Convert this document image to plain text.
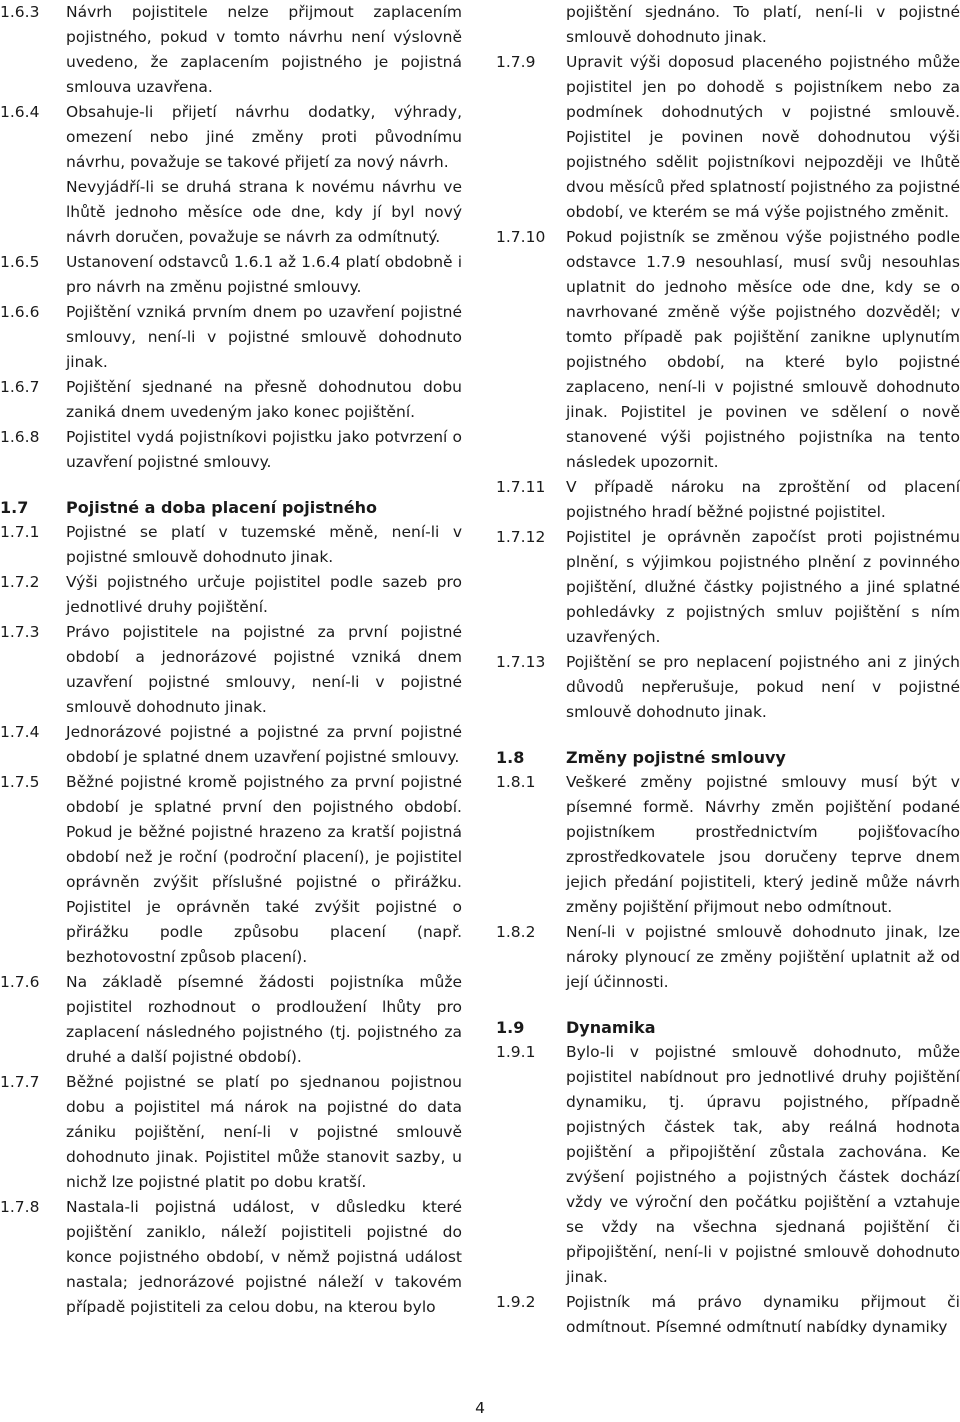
1.6.3	Návrh pojistitele nelze přijmout zaplacením pojistného, pokud v tomto návrhu není výslovně uvedeno, že zaplacením pojistného je pojistná smlouva uzavřena.
1.6.4	Obsahuje-li přijetí návrhu dodatky, výhrady, omezení nebo jiné změny proti původnímu návrhu, považuje se takové přijetí za nový návrh.
Nevyjádří-li se druhá strana k novému návrhu ve lhůtě jednoho měsíce ode dne, kdy jí byl nový návrh doručen, považuje se návrh za odmítnutý.
1.6.5	Ustanovení odstavců 1.6.1 až 1.6.4 platí obdobně i pro návrh na změnu pojistné smlouvy.
1.6.6	Pojištění vzniká prvním dnem po uzavření pojistné smlouvy, není-li v pojistné smlouvě dohodnuto jinak.
1.6.7	Pojištění sjednané na přesně dohodnutou dobu zaniká dnem uvedeným jako konec pojištění.
1.6.8	Pojistitel vydá pojistníkovi pojistku jako potvrzení o uzavření pojistné smlouvy.
1.7	Pojistné a doba placení pojistného
1.7.1	Pojistné se platí v tuzemské měně, není-li v pojistné smlouvě dohodnuto jinak.
1.7.2	Výši pojistného určuje pojistitel podle sazeb pro jednotlivé druhy pojištění.
1.7.3	Právo pojistitele na pojistné za první pojistné období a jednorázové pojistné vzniká dnem uzavření pojistné smlouvy, není-li v pojistné smlouvě dohodnuto jinak.
1.7.4	Jednorázové pojistné a pojistné za první pojistné období je splatné dnem uzavření pojistné smlouvy.
1.7.5	Běžné pojistné kromě pojistného za první pojistné období je splatné první den pojistného období. Pokud je běžné pojistné hrazeno za kratší pojistná období než je roční (področní placení), je pojistitel oprávněn zvýšit příslušné pojistné o přirážku. Pojistitel je oprávněn také zvýšit pojistné o přirážku podle způsobu placení (např. bezhotovostní způsob placení).
1.7.6	Na základě písemné žádosti pojistníka může pojistitel rozhodnout o prodloužení lhůty pro zaplacení následného pojistného (tj. pojistného za druhé a další pojistné období).
1.7.7	Běžné pojistné se platí po sjednanou pojistnou dobu a pojistitel má nárok na pojistné do data zániku pojištění, není-li v pojistné smlouvě dohodnuto jinak. Pojistitel může stanovit sazby, u nichž lze pojistné platit po dobu kratší.
1.7.8	Nastala-li pojistná událost, v důsledku které pojištění zaniklo, náleží pojistiteli pojistné do konce pojistného období, v němž pojistná událost nastala; jednorázové pojistné náleží v takovém případě pojistiteli za celou dobu, na kterou bylo
pojištění sjednáno. To platí, není-li v pojistné smlouvě dohodnuto jinak.
1.7.9	Upravit výši doposud placeného pojistného může pojistitel jen po dohodě s pojistníkem nebo za podmínek dohodnutých v pojistné smlouvě. Pojistitel je povinen nově dohodnutou výši pojistného sdělit pojistníkovi nejpozději ve lhůtě dvou měsíců před splatností pojistného za pojistné období, ve kterém se má výše pojistného změnit.
1.7.10	Pokud pojistník se změnou výše pojistného podle odstavce 1.7.9 nesouhlasí, musí svůj nesouhlas uplatnit do jednoho měsíce ode dne, kdy se o navrhované změně výše pojistného dozvěděl; v tomto případě pak pojištění zanikne uplynutím pojistného období, na které bylo pojistné zaplaceno, není-li v pojistné smlouvě dohodnuto jinak. Pojistitel je povinen ve sdělení o nově stanovené výši pojistného pojistníka na tento následek upozornit.
1.7.11	V případě nároku na zproštění od placení pojistného hradí běžné pojistné pojistitel.
1.7.12	Pojistitel je oprávněn započíst proti pojistnému plnění, s výjimkou pojistného plnění z povinného pojištění, dlužné částky pojistného a jiné splatné pohledávky z pojistných smluv pojištění s ním uzavřených.
1.7.13	Pojištění se pro neplacení pojistného ani z jiných důvodů nepřerušuje, pokud není v pojistné smlouvě dohodnuto jinak.
1.8	Změny pojistné smlouvy
1.8.1	Veškeré změny pojistné smlouvy musí být v písemné formě. Návrhy změn pojištění podané pojistníkem prostřednictvím pojišťovacího zprostředkovatele jsou doručeny teprve dnem jejich předání pojistiteli, který jedině může návrh změny pojištění přijmout nebo odmítnout.
1.8.2	Není-li v pojistné smlouvě dohodnuto jinak, lze nároky plynoucí ze změny pojištění uplatnit až od její účinnosti.
1.9	Dynamika
1.9.1	Bylo-li v pojistné smlouvě dohodnuto, může pojistitel nabídnout pro jednotlivé druhy pojištění dynamiku, tj. úpravu pojistného, případně pojistných částek tak, aby reálná hodnota pojištění a připojištění zůstala zachována. Ke zvýšení pojistného a pojistných částek dochází vždy ve výroční den počátku pojištění a vztahuje se vždy na všechna sjednaná pojištění či připojištění, není-li v pojistné smlouvě dohodnuto jinak.
1.9.2	Pojistník má právo dynamiku přijmout či odmítnout. Písemné odmítnutí nabídky dynamiky
4
